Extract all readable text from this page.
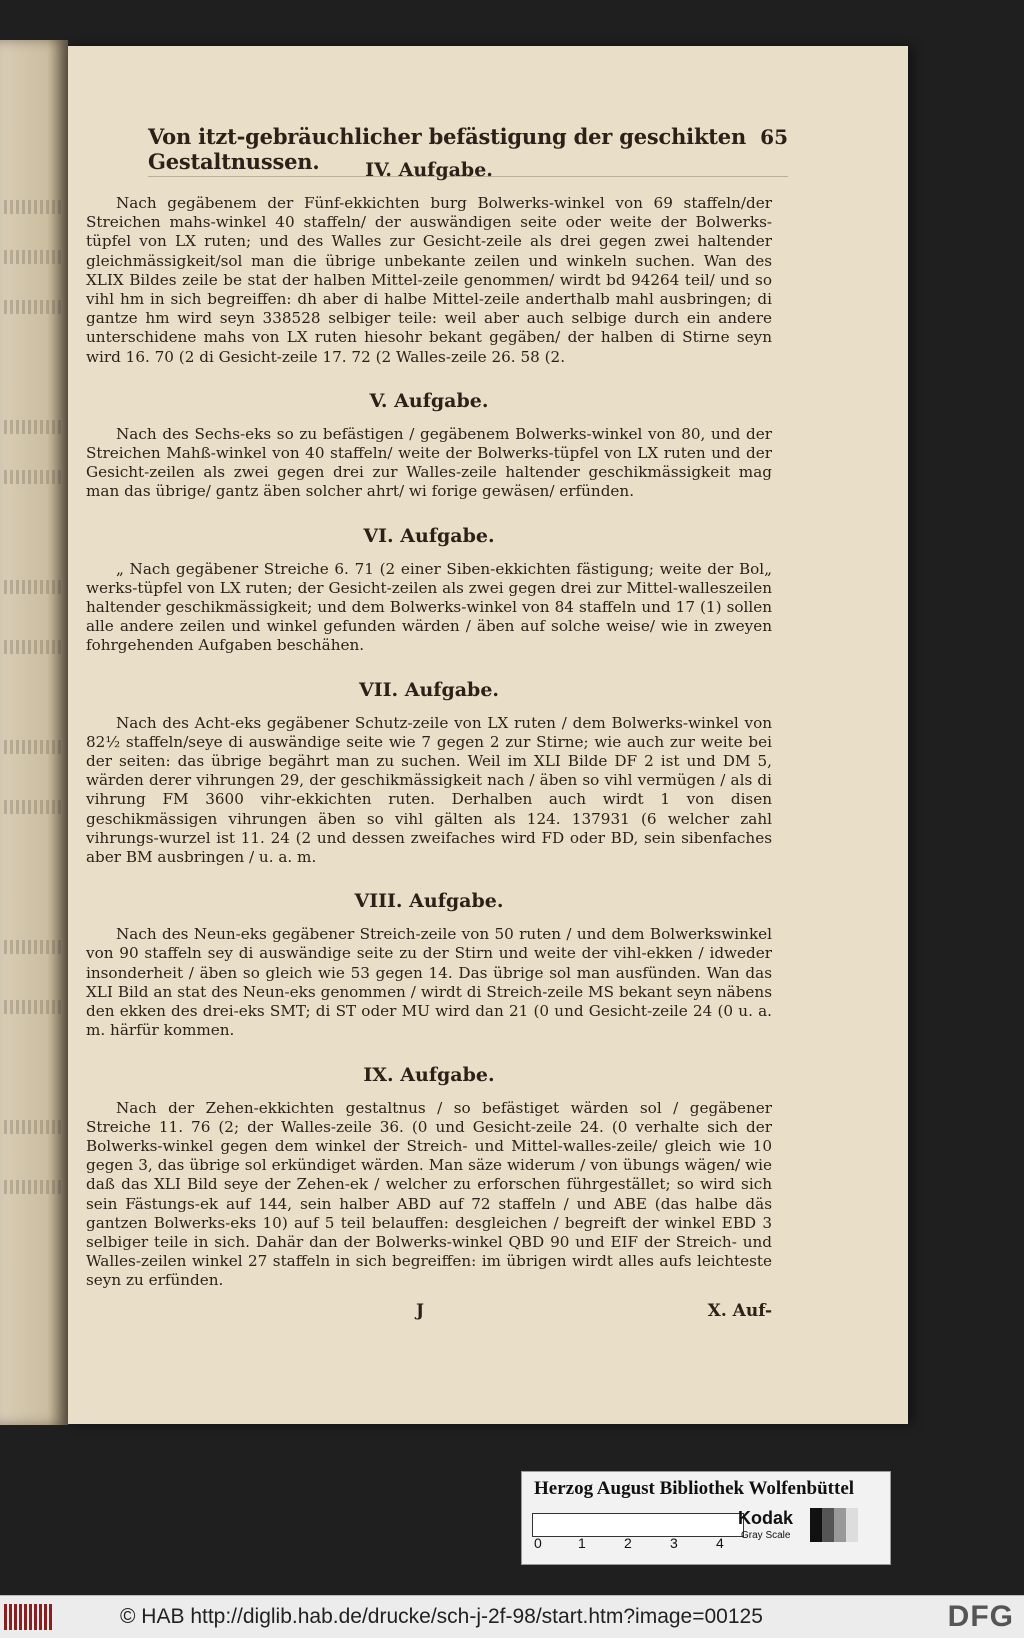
Von itzt-gebräuchlicher befästigung der geschikten Gestaltnussen.
65
IV. Aufgabe.

Nach gegäbenem der Fünf-ekkichten burg Bolwerks-winkel von 69 staffeln/der Streichen mahs-winkel 40 staffeln/ der auswändigen seite oder weite der Bolwerks-tüpfel von LX ruten; und des Walles zur Gesicht-zeile als drei gegen zwei haltender gleichmässigkeit/sol man die übrige unbekante zeilen und winkeln suchen. Wan des XLIX Bildes zeile be stat der halben Mittel-zeile genommen/ wirdt bd 94264 teil/ und so vihl hm in sich begreiffen: dh aber di halbe Mittel-zeile anderthalb mahl ausbringen; di gantze hm wird seyn 338528 selbiger teile: weil aber auch selbige durch ein andere unterschidene mahs von LX ruten hiesohr bekant gegäben/ der halben di Stirne seyn wird 16. 70 (2 di Gesicht-zeile 17. 72 (2 Walles-zeile 26. 58 (2.

V. Aufgabe.

Nach des Sechs-eks so zu befästigen / gegäbenem Bolwerks-winkel von 80, und der Streichen Mahß-winkel von 40 staffeln/ weite der Bolwerks-tüpfel von LX ruten und der Gesicht-zeilen als zwei gegen drei zur Walles-zeile haltender geschikmässigkeit mag man das übrige/ gantz äben solcher ahrt/ wi forige gewäsen/ erfünden.

VI. Aufgabe.

„ Nach gegäbener Streiche 6. 71 (2 einer Siben-ekkichten fästigung; weite der Bol„ werks-tüpfel von LX ruten; der Gesicht-zeilen als zwei gegen drei zur Mittel-walleszeilen haltender geschikmässigkeit; und dem Bolwerks-winkel von 84 staffeln und 17 (1) sollen alle andere zeilen und winkel gefunden wärden / äben auf solche weise/ wie in zweyen fohrgehenden Aufgaben beschähen.

VII. Aufgabe.

Nach des Acht-eks gegäbener Schutz-zeile von LX ruten / dem Bolwerks-winkel von 82½ staffeln/seye di auswändige seite wie 7 gegen 2 zur Stirne; wie auch zur weite bei der seiten: das übrige begährt man zu suchen. Weil im XLI Bilde DF 2 ist und DM 5, wärden derer vihrungen 29, der geschikmässigkeit nach / äben so vihl vermügen / als di vihrung FM 3600 vihr-ekkichten ruten. Derhalben auch wirdt 1 von disen geschikmässigen vihrungen äben so vihl gälten als 124. 137931 (6 welcher zahl vihrungs-wurzel ist 11. 24 (2 und dessen zweifaches wird FD oder BD, sein sibenfaches aber BM ausbringen / u. a. m.

VIII. Aufgabe.

Nach des Neun-eks gegäbener Streich-zeile von 50 ruten / und dem Bolwerkswinkel von 90 staffeln sey di auswändige seite zu der Stirn und weite der vihl-ekken / idweder insonderheit / äben so gleich wie 53 gegen 14. Das übrige sol man ausfünden. Wan das XLI Bild an stat des Neun-eks genommen / wirdt di Streich-zeile MS bekant seyn näbens den ekken des drei-eks SMT; di ST oder MU wird dan 21 (0 und Gesicht-zeile 24 (0 u. a. m. härfür kommen.

IX. Aufgabe.

Nach der Zehen-ekkichten gestaltnus / so befästiget wärden sol / gegäbener Streiche 11. 76 (2; der Walles-zeile 36. (0 und Gesicht-zeile 24. (0 verhalte sich der Bolwerks-winkel gegen dem winkel der Streich- und Mittel-walles-zeile/ gleich wie 10 gegen 3, das übrige sol erkündiget wärden. Man säze widerum / von übungs wägen/ wie daß das XLI Bild seye der Zehen-ek / welcher zu erforschen führgestället; so wird sich sein Fästungs-ek auf 144, sein halber ABD auf 72 staffeln / und ABE (das halbe däs gantzen Bolwerks-eks 10) auf 5 teil belauffen: desgleichen / begreift der winkel EBD 3 selbiger teile in sich. Dahär dan der Bolwerks-winkel QBD 90 und EIF der Streich- und Walles-zeilen winkel 27 staffeln in sich begreiffen: im übrigen wirdt alles aufs leichteste seyn zu erfünden.

J	X. Auf-
Herzog August Bibliothek Wolfenbüttel
0	1	2	3	4
Kodak
Gray Scale
© HAB http://diglib.hab.de/drucke/sch-j-2f-98/start.htm?image=00125	DFG
